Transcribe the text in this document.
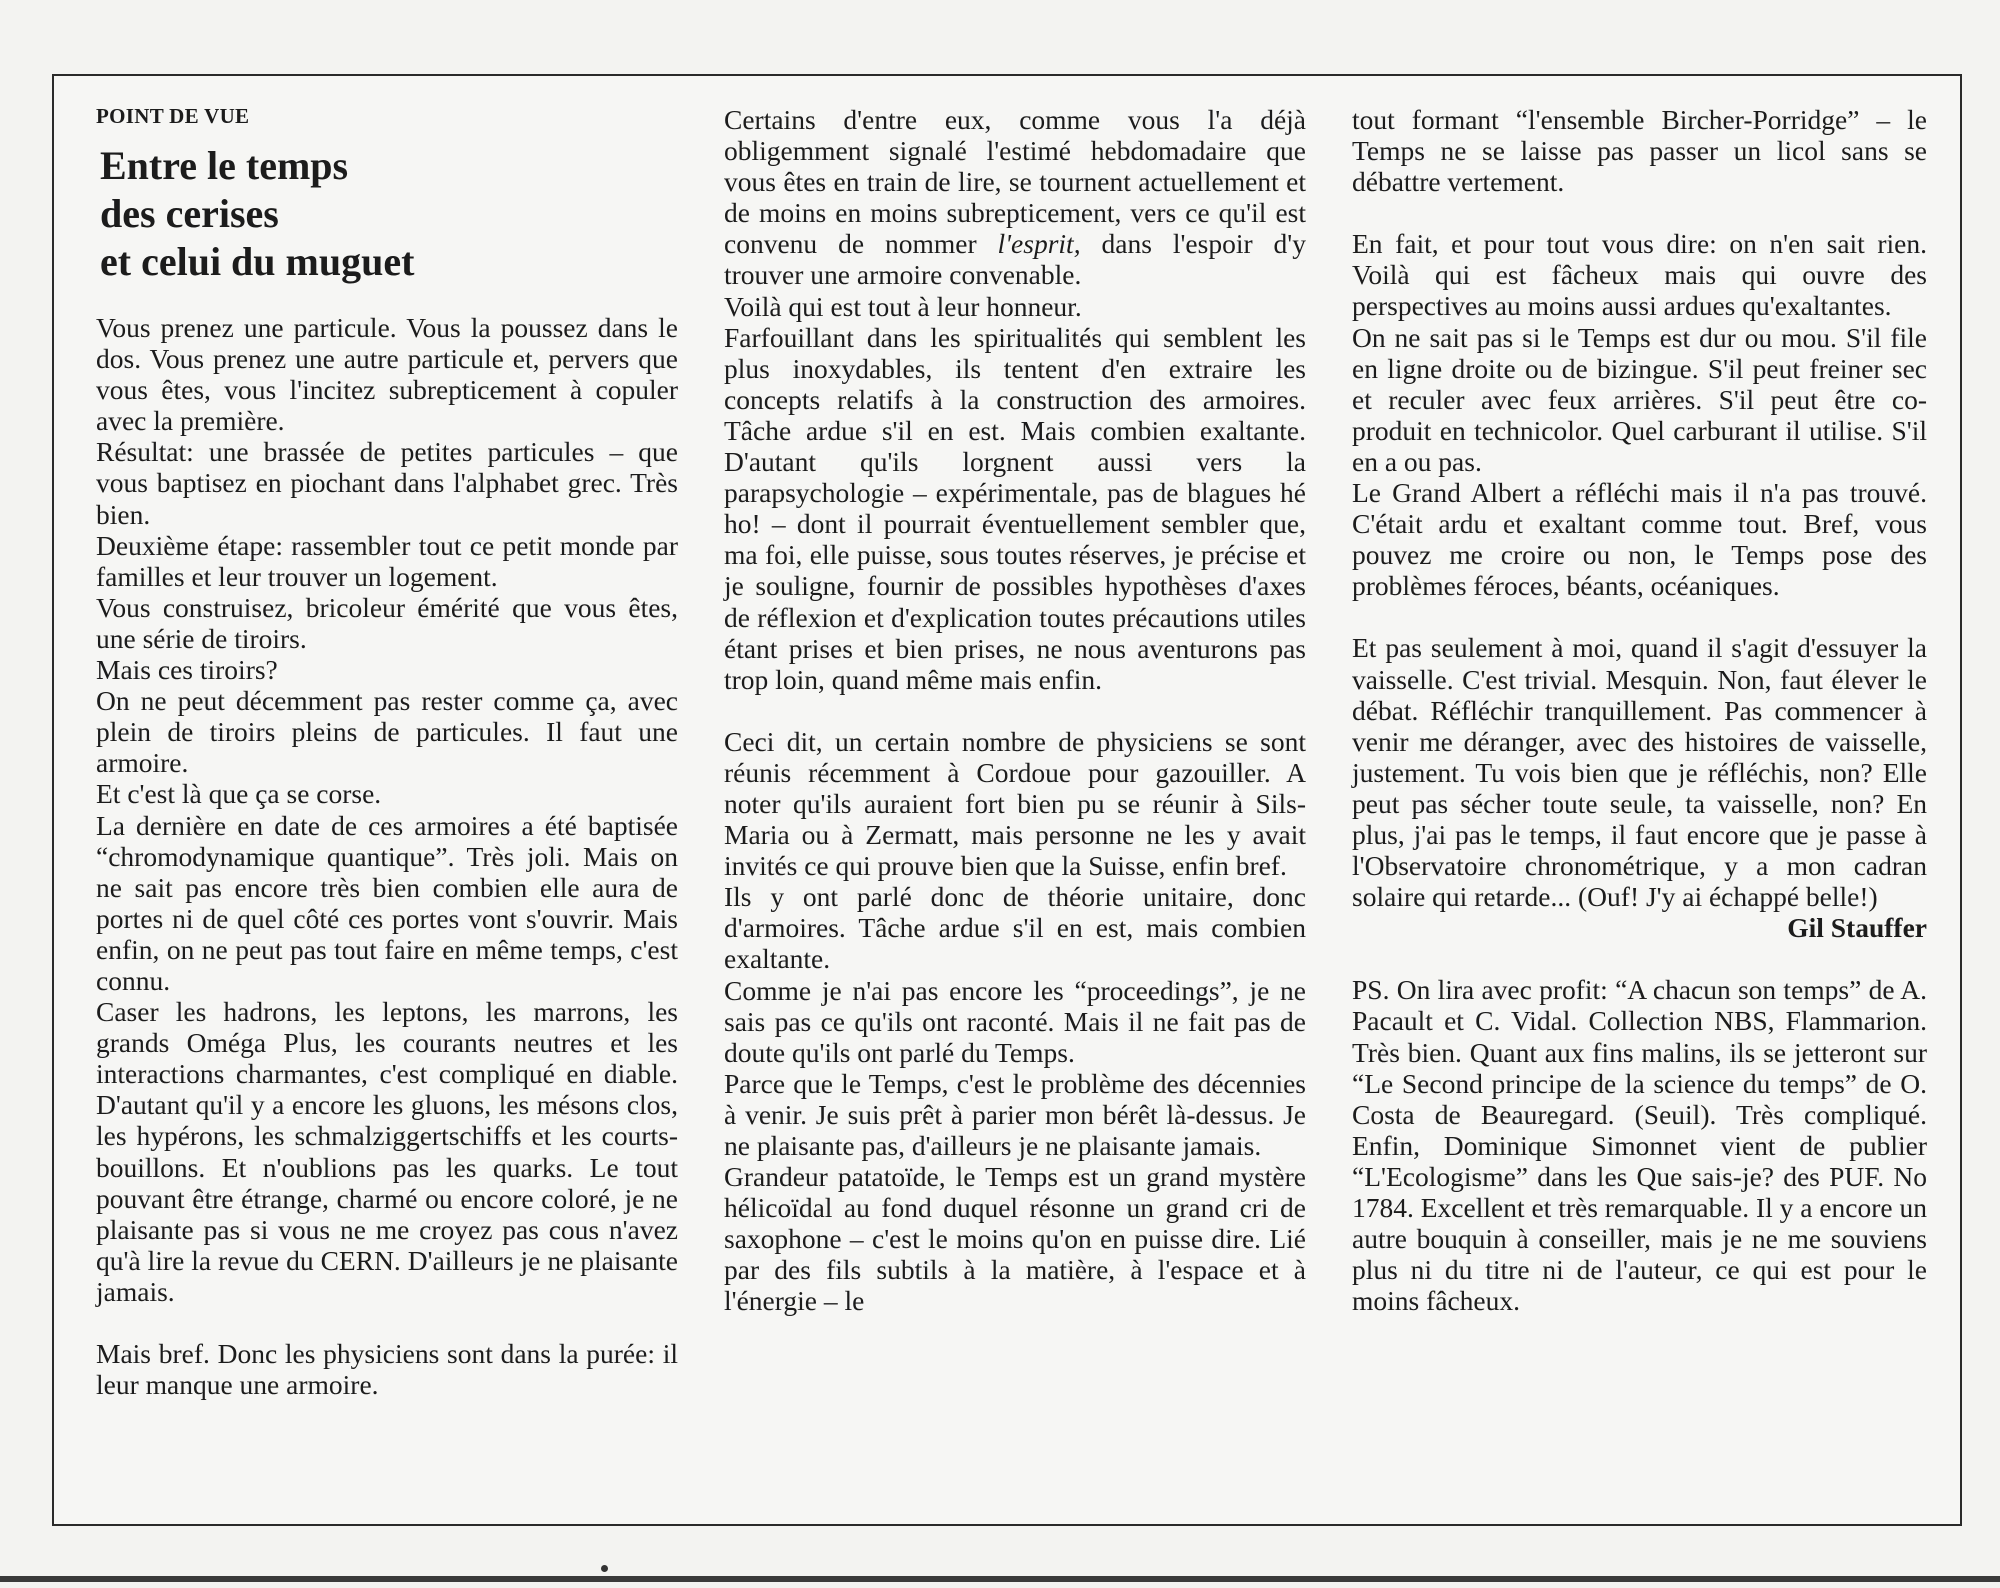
POINT DE VUE
Entre le temps
des cerises
et celui du muguet

Vous prenez une particule. Vous la poussez dans le dos. Vous prenez une autre particule et, pervers que vous êtes, vous l'incitez subrepticement à copuler avec la première.

Résultat: une brassée de petites particules – que vous baptisez en piochant dans l'alphabet grec. Très bien.

Deuxième étape: rassembler tout ce petit monde par familles et leur trouver un logement.

Vous construisez, bricoleur émérité que vous êtes, une série de tiroirs.

Mais ces tiroirs?

On ne peut décemment pas rester comme ça, avec plein de tiroirs pleins de particules. Il faut une armoire.

Et c'est là que ça se corse.

La dernière en date de ces armoires a été baptisée “chromodynamique quantique”. Très joli. Mais on ne sait pas encore très bien combien elle aura de portes ni de quel côté ces portes vont s'ouvrir. Mais enfin, on ne peut pas tout faire en même temps, c'est connu.

Caser les hadrons, les leptons, les marrons, les grands Oméga Plus, les courants neutres et les interactions charmantes, c'est compliqué en diable. D'autant qu'il y a encore les gluons, les mésons clos, les hypérons, les schmalziggertschiffs et les courts-bouillons. Et n'oublions pas les quarks. Le tout pouvant être étrange, charmé ou encore coloré, je ne plaisante pas si vous ne me croyez pas cous n'avez qu'à lire la revue du CERN. D'ailleurs je ne plaisante jamais.

Mais bref. Donc les physiciens sont dans la purée: il leur manque une armoire.

Certains d'entre eux, comme vous l'a déjà obligemment signalé l'estimé hebdomadaire que vous êtes en train de lire, se tournent actuellement et de moins en moins subrepticement, vers ce qu'il est convenu de nommer l'esprit, dans l'espoir d'y trouver une armoire convenable.

Voilà qui est tout à leur honneur.

Farfouillant dans les spiritualités qui semblent les plus inoxydables, ils tentent d'en extraire les concepts relatifs à la construction des armoires. Tâche ardue s'il en est. Mais combien exaltante. D'autant qu'ils lorgnent aussi vers la parapsychologie – expérimentale, pas de blagues hé ho! – dont il pourrait éventuellement sembler que, ma foi, elle puisse, sous toutes réserves, je précise et je souligne, fournir de possibles hypothèses d'axes de réflexion et d'explication toutes précautions utiles étant prises et bien prises, ne nous aventurons pas trop loin, quand même mais enfin.

Ceci dit, un certain nombre de physiciens se sont réunis récemment à Cordoue pour gazouiller. A noter qu'ils auraient fort bien pu se réunir à Sils-Maria ou à Zermatt, mais personne ne les y avait invités ce qui prouve bien que la Suisse, enfin bref.

Ils y ont parlé donc de théorie unitaire, donc d'armoires. Tâche ardue s'il en est, mais combien exaltante.

Comme je n'ai pas encore les “proceedings”, je ne sais pas ce qu'ils ont raconté. Mais il ne fait pas de doute qu'ils ont parlé du Temps.

Parce que le Temps, c'est le problème des décennies à venir. Je suis prêt à parier mon bérêt là-dessus. Je ne plaisante pas, d'ailleurs je ne plaisante jamais.

Grandeur patatoïde, le Temps est un grand mystère hélicoïdal au fond duquel résonne un grand cri de saxophone – c'est le moins qu'on en puisse dire. Lié par des fils subtils à la matière, à l'espace et à l'énergie – le

tout formant “l'ensemble Bircher-Porridge” – le Temps ne se laisse pas passer un licol sans se débattre vertement.

En fait, et pour tout vous dire: on n'en sait rien. Voilà qui est fâcheux mais qui ouvre des perspectives au moins aussi ardues qu'exaltantes.

On ne sait pas si le Temps est dur ou mou. S'il file en ligne droite ou de bizingue. S'il peut freiner sec et reculer avec feux arrières. S'il peut être co-produit en technicolor. Quel carburant il utilise. S'il en a ou pas.

Le Grand Albert a réfléchi mais il n'a pas trouvé. C'était ardu et exaltant comme tout. Bref, vous pouvez me croire ou non, le Temps pose des problèmes féroces, béants, océaniques.

Et pas seulement à moi, quand il s'agit d'essuyer la vaisselle. C'est trivial. Mesquin. Non, faut élever le débat. Réfléchir tranquillement. Pas commencer à venir me déranger, avec des histoires de vaisselle, justement. Tu vois bien que je réfléchis, non? Elle peut pas sécher toute seule, ta vaisselle, non? En plus, j'ai pas le temps, il faut encore que je passe à l'Observatoire chronométrique, y a mon cadran solaire qui retarde... (Ouf! J'y ai échappé belle!)

Gil Stauffer

PS. On lira avec profit: “A chacun son temps” de A. Pacault et C. Vidal. Collection NBS, Flammarion. Très bien. Quant aux fins malins, ils se jetteront sur “Le Second principe de la science du temps” de O. Costa de Beauregard. (Seuil). Très compliqué. Enfin, Dominique Simonnet vient de publier “L'Ecologisme” dans les Que sais-je? des PUF. No 1784. Excellent et très remarquable. Il y a encore un autre bouquin à conseiller, mais je ne me souviens plus ni du titre ni de l'auteur, ce qui est pour le moins fâcheux.
